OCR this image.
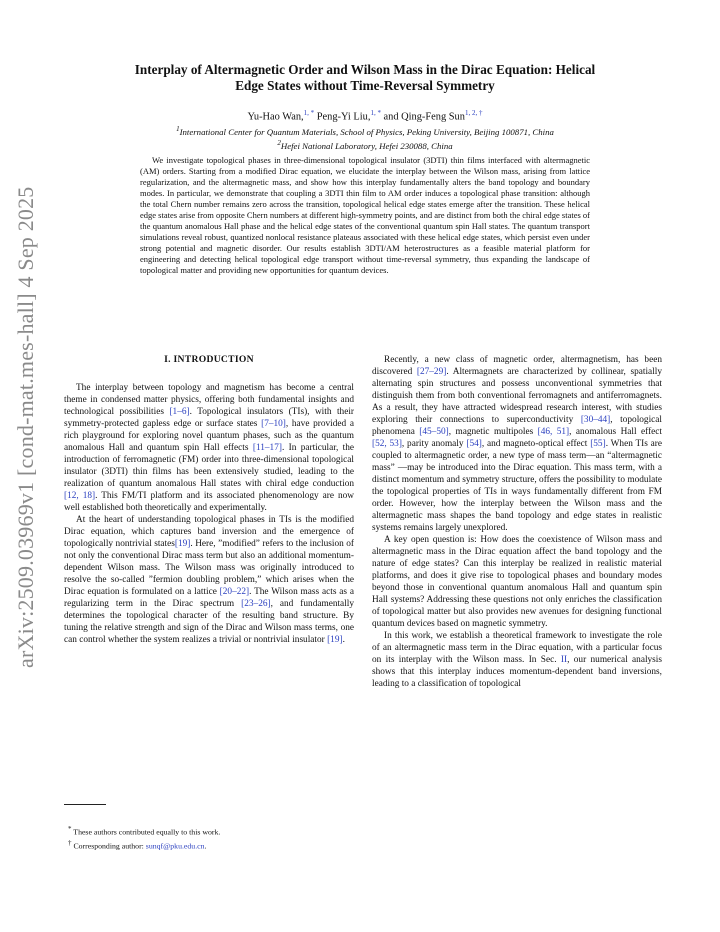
arXiv:2509.03969v1 [cond-mat.mes-hall] 4 Sep 2025
Interplay of Altermagnetic Order and Wilson Mass in the Dirac Equation: Helical
Edge States without Time-Reversal Symmetry
Yu-Hao Wan,$^{1, *}$ Peng-Yi Liu,$^{1, *}$ and Qing-Feng Sun$^{1, 2, \dagger}$
$^1$International Center for Quantum Materials, School of Physics, Peking University, Beijing 100871, China
$^2$Hefei National Laboratory, Hefei 230088, China
We investigate topological phases in three-dimensional topological insulator (3DTI) thin films interfaced with altermagnetic (AM) orders. Starting from a modified Dirac equation, we elucidate the interplay between the Wilson mass, arising from lattice regularization, and the altermagnetic mass, and show how this interplay fundamentally alters the band topology and boundary modes. In particular, we demonstrate that coupling a 3DTI thin film to AM order induces a topological phase transition: although the total Chern number remains zero across the transition, topological helical edge states emerge after the transition. These helical edge states arise from opposite Chern numbers at different high-symmetry points, and are distinct from both the chiral edge states of the quantum anomalous Hall phase and the helical edge states of the conventional quantum spin Hall states. The quantum transport simulations reveal robust, quantized nonlocal resistance plateaus associated with these helical edge states, which persist even under strong potential and magnetic disorder. Our results establish 3DTI/AM heterostructures as a feasible material platform for engineering and detecting helical topological edge transport without time-reversal symmetry, thus expanding the landscape of topological matter and providing new opportunities for quantum devices.
I. INTRODUCTION

The interplay between topology and magnetism has become a central theme in condensed matter physics, offering both fundamental insights and technological possibilities [1–6]. Topological insulators (TIs), with their symmetry-protected gapless edge or surface states [7–10], have provided a rich playground for exploring novel quantum phases, such as the quantum anomalous Hall and quantum spin Hall effects [11–17]. In particular, the introduction of ferromagnetic (FM) order into three-dimensional topological insulator (3DTI) thin films has been extensively studied, leading to the realization of quantum anomalous Hall states with chiral edge conduction [12, 18]. This FM/TI platform and its associated phenomenology are now well established both theoretically and experimentally.

At the heart of understanding topological phases in TIs is the modified Dirac equation, which captures band inversion and the emergence of topologically nontrivial states[19]. Here, ”modified” refers to the inclusion of not only the conventional Dirac mass term but also an additional momentum-dependent Wilson mass. The Wilson mass was originally introduced to resolve the so-called ”fermion doubling problem,” which arises when the Dirac equation is formulated on a lattice [20–22]. The Wilson mass acts as a regularizing term in the Dirac spectrum [23–26], and fundamentally determines the topological character of the resulting band structure. By tuning the relative strength and sign of the Dirac and Wilson mass terms, one can control whether the system realizes a trivial or nontrivial insulator [19].

Recently, a new class of magnetic order, altermagnetism, has been discovered [27–29]. Altermagnets are characterized by collinear, spatially alternating spin structures and possess unconventional symmetries that distinguish them from both conventional ferromagnets and antiferromagnets. As a result, they have attracted widespread research interest, with studies exploring their connections to superconductivity [30–44], topological phenomena [45–50], magnetic multipoles [46, 51], anomalous Hall effect [52, 53], parity anomaly [54], and magneto-optical effect [55]. When TIs are coupled to altermagnetic order, a new type of mass term—an “altermagnetic mass” —may be introduced into the Dirac equation. This mass term, with a distinct momentum and symmetry structure, offers the possibility to modulate the topological properties of TIs in ways fundamentally different from FM order. However, how the interplay between the Wilson mass and the altermagnetic mass shapes the band topology and edge states in realistic systems remains largely unexplored.

A key open question is: How does the coexistence of Wilson mass and altermagnetic mass in the Dirac equation affect the band topology and the nature of edge states? Can this interplay be realized in realistic material platforms, and does it give rise to topological phases and boundary modes beyond those in conventional quantum anomalous Hall and quantum spin Hall systems? Addressing these questions not only enriches the classification of topological matter but also provides new avenues for designing functional quantum devices based on magnetic symmetry.

In this work, we establish a theoretical framework to investigate the role of an altermagnetic mass term in the Dirac equation, with a particular focus on its interplay with the Wilson mass. In Sec. II, our numerical analysis shows that this interplay induces momentum-dependent band inversions, leading to a classification of topological

* These authors contributed equally to this work.
† Corresponding author: sunqf@pku.edu.cn.
